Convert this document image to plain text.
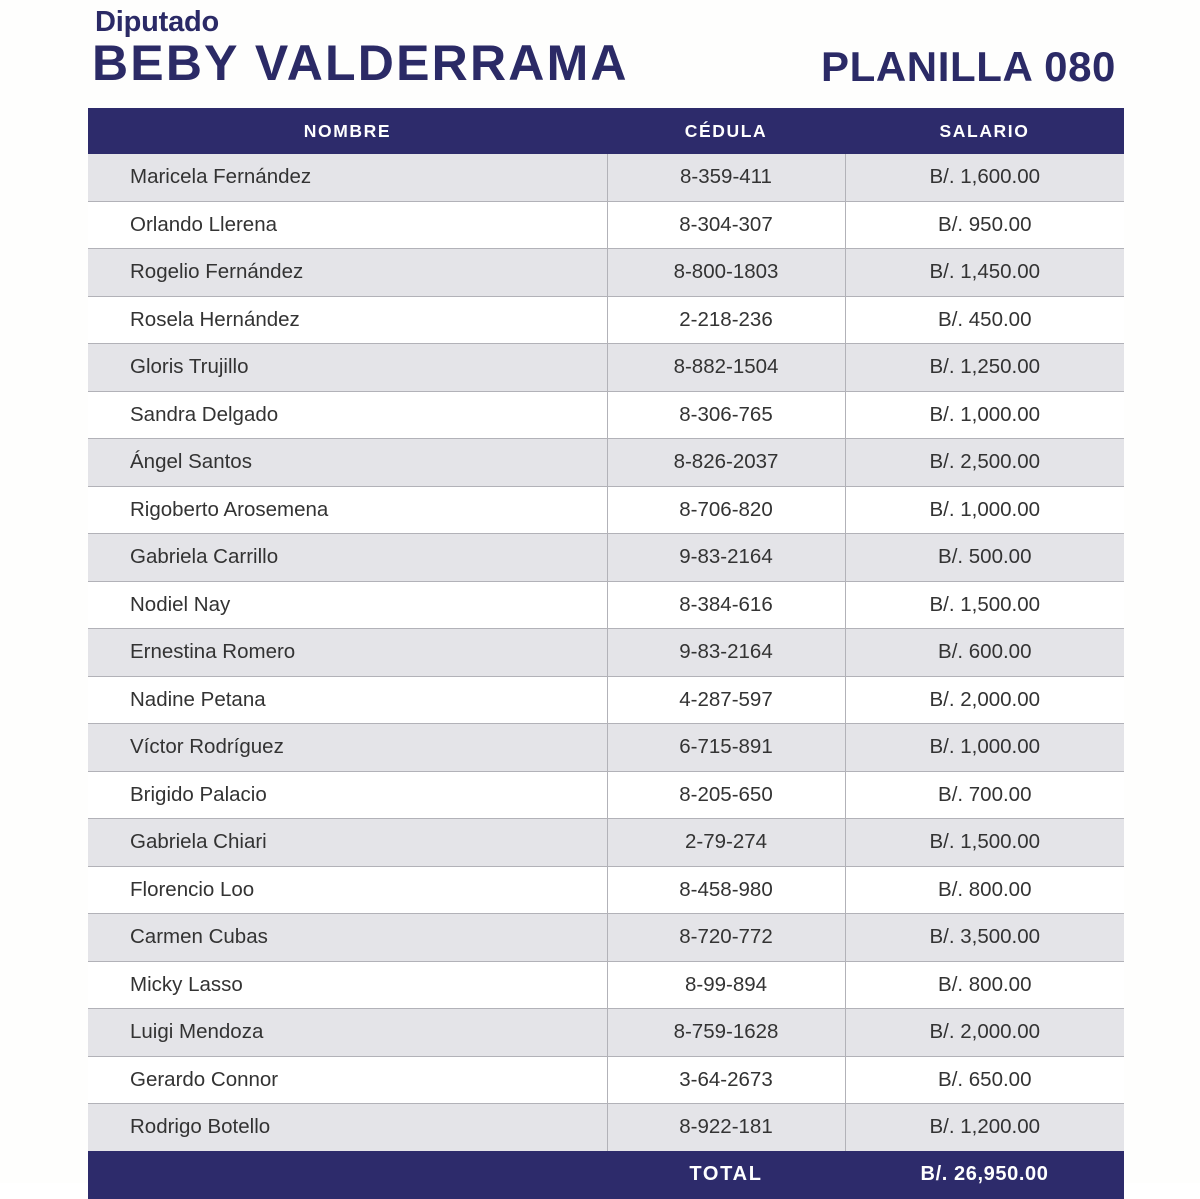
Diputado
BEBY VALDERRAMA	PLANILLA 080
NOMBRE	CÉDULA	SALARIO
Maricela Fernández	8-359-411	B/. 1,600.00
Orlando Llerena	8-304-307	B/. 950.00
Rogelio Fernández	8-800-1803	B/. 1,450.00
Rosela Hernández	2-218-236	B/. 450.00
Gloris Trujillo	8-882-1504	B/. 1,250.00
Sandra Delgado	8-306-765	B/. 1,000.00
Ángel Santos	8-826-2037	B/. 2,500.00
Rigoberto Arosemena	8-706-820	B/. 1,000.00
Gabriela Carrillo	9-83-2164	B/. 500.00
Nodiel Nay	8-384-616	B/. 1,500.00
Ernestina Romero	9-83-2164	B/. 600.00
Nadine Petana	4-287-597	B/. 2,000.00
Víctor Rodríguez	6-715-891	B/. 1,000.00
Brigido Palacio	8-205-650	B/. 700.00
Gabriela Chiari	2-79-274	B/. 1,500.00
Florencio Loo	8-458-980	B/. 800.00
Carmen Cubas	8-720-772	B/. 3,500.00
Micky Lasso	8-99-894	B/. 800.00
Luigi Mendoza	8-759-1628	B/. 2,000.00
Gerardo Connor	3-64-2673	B/. 650.00
Rodrigo Botello	8-922-181	B/. 1,200.00
	TOTAL	B/. 26,950.00
